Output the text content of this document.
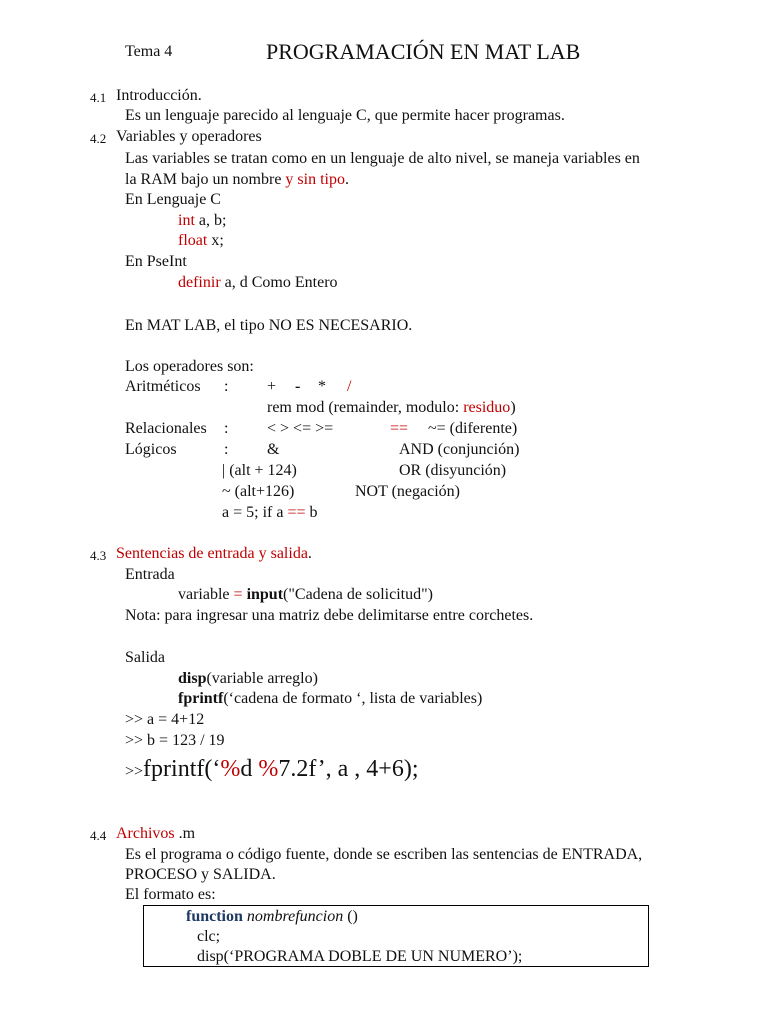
Tema 4	PROGRAMACIÓN EN MAT LAB
4.1 Introducción.
Es un lenguaje parecido al lenguaje C, que permite hacer programas.
4.2 Variables y operadores
Las variables se tratan como en un lenguaje de alto nivel, se maneja variables en
la RAM bajo un nombre y sin tipo.
En Lenguaje C
int a, b;
float x;
En PseInt
definir a, d Como Entero
En MAT LAB, el tipo NO ES NECESARIO.
Los operadores son:
Aritméticos : + - * /
rem mod (remainder, modulo: residuo)
Relacionales : < > <= >=	== ~= (diferente)
Lógicos	: &	AND (conjunción)
| (alt + 124)	OR (disyunción)
~ (alt+126)	NOT (negación)
a = 5; if a == b
4.3 Sentencias de entrada y salida.
Entrada
variable = input("Cadena de solicitud")
Nota: para ingresar una matriz debe delimitarse entre corchetes.
Salida
disp(variable arreglo)
fprintf(‘cadena de formato ‘, lista de variables)
>> a = 4+12
>> b = 123 / 19
>>fprintf(‘%d %7.2f’, a , 4+6);
4.4 Archivos .m
Es el programa o código fuente, donde se escriben las sentencias de ENTRADA,
PROCESO y SALIDA.
El formato es:
function nombrefuncion ()
clc;
disp(‘PROGRAMA DOBLE DE UN NUMERO’);
